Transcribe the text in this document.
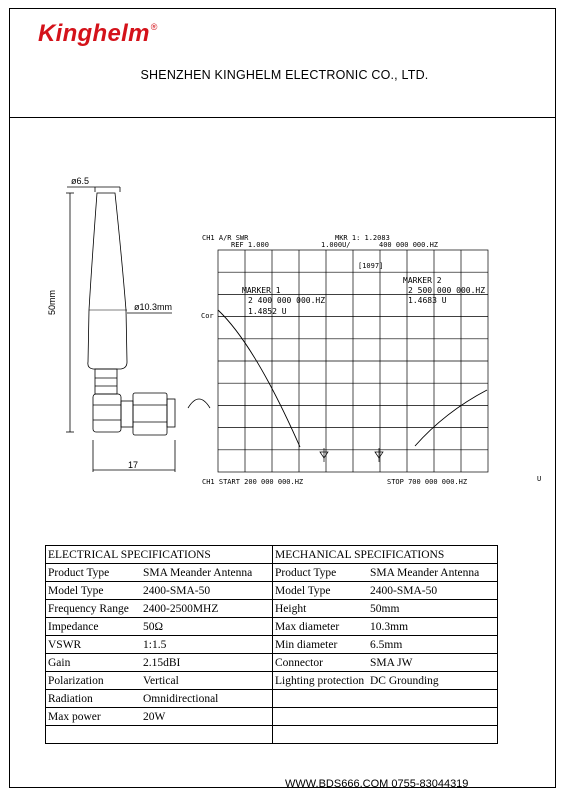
Kinghelm®
SHENZHEN KINGHELM ELECTRONIC CO., LTD.
ø6.5
ø10.3mm
50mm
17
CH1 A/R SWR
REF 1.000
MKR 1: 1.2083
1.000U/	400 000 000.HZ
[1097]
MARKER 1
2 400 000 000.HZ
1.4852 U
MARKER 2
2 500 000 000.HZ
1.4683 U
Cor
CH1 START 200 000 000.HZ	STOP 700 000 000.HZ	U
ELECTRICAL SPECIFICATIONS	MECHANICAL SPECIFICATIONS
Product Type SMA Meander Antenna	Product Type SMA Meander Antenna
Model Type 2400-SMA-50	Model Type 2400-SMA-50
Frequency Range 2400-2500MHZ	Height 50mm
Impedance 50Ω	Max diameter 10.3mm
VSWR 1:1.5	Min diameter 6.5mm
Gain 2.15dBI	Connector SMA JW
Polarization Vertical	Lighting protection DC Grounding
Radiation Omnidirectional	
Max power 20W	

WWW.BDS666.COM 0755-83044319
